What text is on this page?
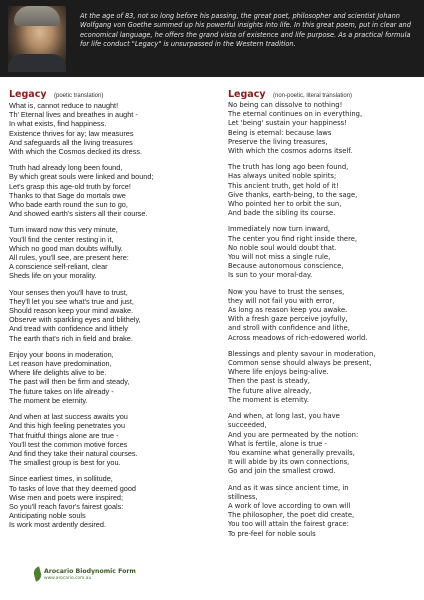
At the age of 83, not so long before his passing, the great poet, philosopher and scientist Johann Wolfgang von Goethe summed up his powerful insights into life. In this great poem, put in clear and economical language, he offers the grand vista of existence and life purpose. As a practical formula for life conduct "Legacy" is unsurpassed in the Western tradition.
Legacy (poetic translation)
What is, cannot reduce to naught!
Th' Eternal lives and breathes in aught -
In what exists, find happiness.
Existence thrives for ay; law measures
And safeguards all the living treasures
With which the Cosmos decked its dress.
Truth had already long been found,
By which great souls were linked and bound;
Let's grasp this age-old truth by force!
Thanks to that Sage do mortals owe
Who bade earth round the sun to go,
And showed earth's sisters all their course.
Turn inward now this very minute,
You'll find the center resting in it,
Which no good man doubts wilfully.
All rules, you'll see, are present here:
A conscience self-reliant, clear
Sheds life on your morality.
Your senses then you'll have to trust,
They'll let you see what's true and just,
Should reason keep your mind awake.
Observe with sparkling eyes and blithely,
And tread with confidence and lithely
The earth that's rich in field and brake.
Enjoy your boons in moderation,
Let reason have predomination,
Where life delights alive to be.
The past will then be firm and steady,
The future takes on life already -
The moment be eternity.
And when at last success awaits you
And this high feeling penetrates you
That fruitful things alone are true -
You'll test the common motive forces
And find they take their natural courses.
The smallest group is best for you.
Since earliest times, in sollitude,
To tasks of love that they deemed good
Wise men and poets were inspired;
So you'll reach favor's fairest goals:
Anticipating noble souls
Is work most ardently desired.
Legacy (non-poetic, literal translation)
No being can dissolve to nothing!
The eternal continues on in everything,
Let 'being' sustain your happiness!
Being is eternal: because laws
Preserve the living treasures,
With which the cosmos adorns itself.
The truth has long ago been found,
Has always united noble spirits;
This ancient truth, get hold of it!
Give thanks, earth-being, to the sage,
Who pointed her to orbit the sun,
And bade the sibling its course.
Immediately now turn inward,
The center you find right inside there,
No noble soul would doubt that.
You will not miss a single rule,
Because autonomous conscience,
Is sun to your moral-day.
Now you have to trust the senses,
they will not fail you with error,
As long as reason keep you awake.
With a fresh gaze perceive joyfully,
and stroll with confidence and lithe,
Across meadows of rich-edowered world.
Blessings and plenty savour in moderation,
Common sense should always be present,
Where life enjoys being-alive.
Then the past is steady,
The future alive already,
The moment is eternity.
And when, at long last, you have
succeeded,
And you are permeated by the notion:
What is fertile, alone is true -
You examine what generally prevails,
It will abide by its own connections,
Go and join the smallest crowd.
And as it was since ancient time, in
stillness,
A work of love according to own will
The philosopher, the poet did create,
You too will attain the fairest grace:
To pre-feel for noble souls
Arocario Biodynomic Form
www.arocario.com.au
